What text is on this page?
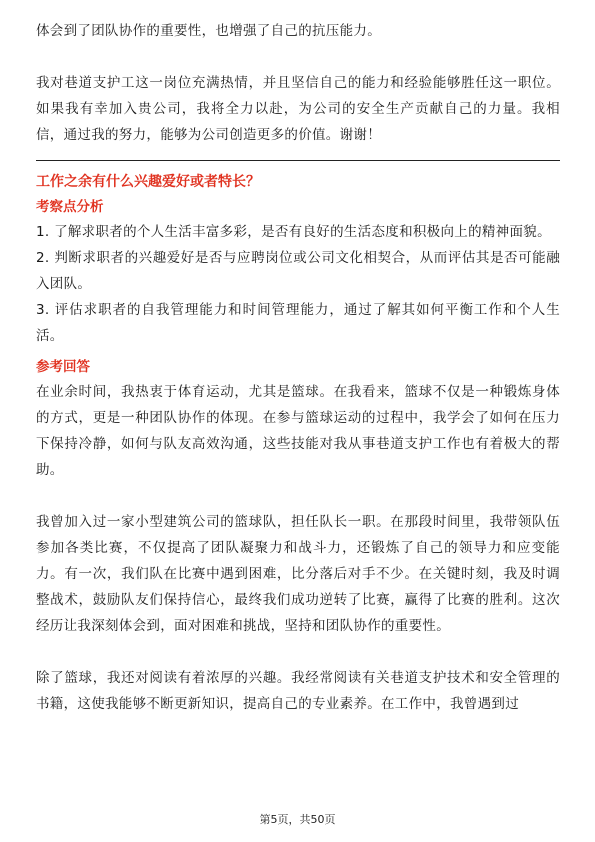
体会到了团队协作的重要性，也增强了自己的抗压能力。

我对巷道支护工这一岗位充满热情，并且坚信自己的能力和经验能够胜任这一职位。如果我有幸加入贵公司，我将全力以赴，为公司的安全生产贡献自己的力量。我相信，通过我的努力，能够为公司创造更多的价值。谢谢！

工作之余有什么兴趣爱好或者特长？
考察点分析

1. 了解求职者的个人生活丰富多彩，是否有良好的生活态度和积极向上的精神面貌。

2. 判断求职者的兴趣爱好是否与应聘岗位或公司文化相契合，从而评估其是否可能融入团队。

3. 评估求职者的自我管理能力和时间管理能力，通过了解其如何平衡工作和个人生活。

参考回答

在业余时间，我热衷于体育运动，尤其是篮球。在我看来，篮球不仅是一种锻炼身体的方式，更是一种团队协作的体现。在参与篮球运动的过程中，我学会了如何在压力下保持冷静，如何与队友高效沟通，这些技能对我从事巷道支护工作也有着极大的帮助。

我曾加入过一家小型建筑公司的篮球队，担任队长一职。在那段时间里，我带领队伍参加各类比赛，不仅提高了团队凝聚力和战斗力，还锻炼了自己的领导力和应变能力。有一次，我们队在比赛中遇到困难，比分落后对手不少。在关键时刻，我及时调整战术，鼓励队友们保持信心，最终我们成功逆转了比赛，赢得了比赛的胜利。这次经历让我深刻体会到，面对困难和挑战，坚持和团队协作的重要性。

除了篮球，我还对阅读有着浓厚的兴趣。我经常阅读有关巷道支护技术和安全管理的书籍，这使我能够不断更新知识，提高自己的专业素养。在工作中，我曾遇到过

第5页，共50页
